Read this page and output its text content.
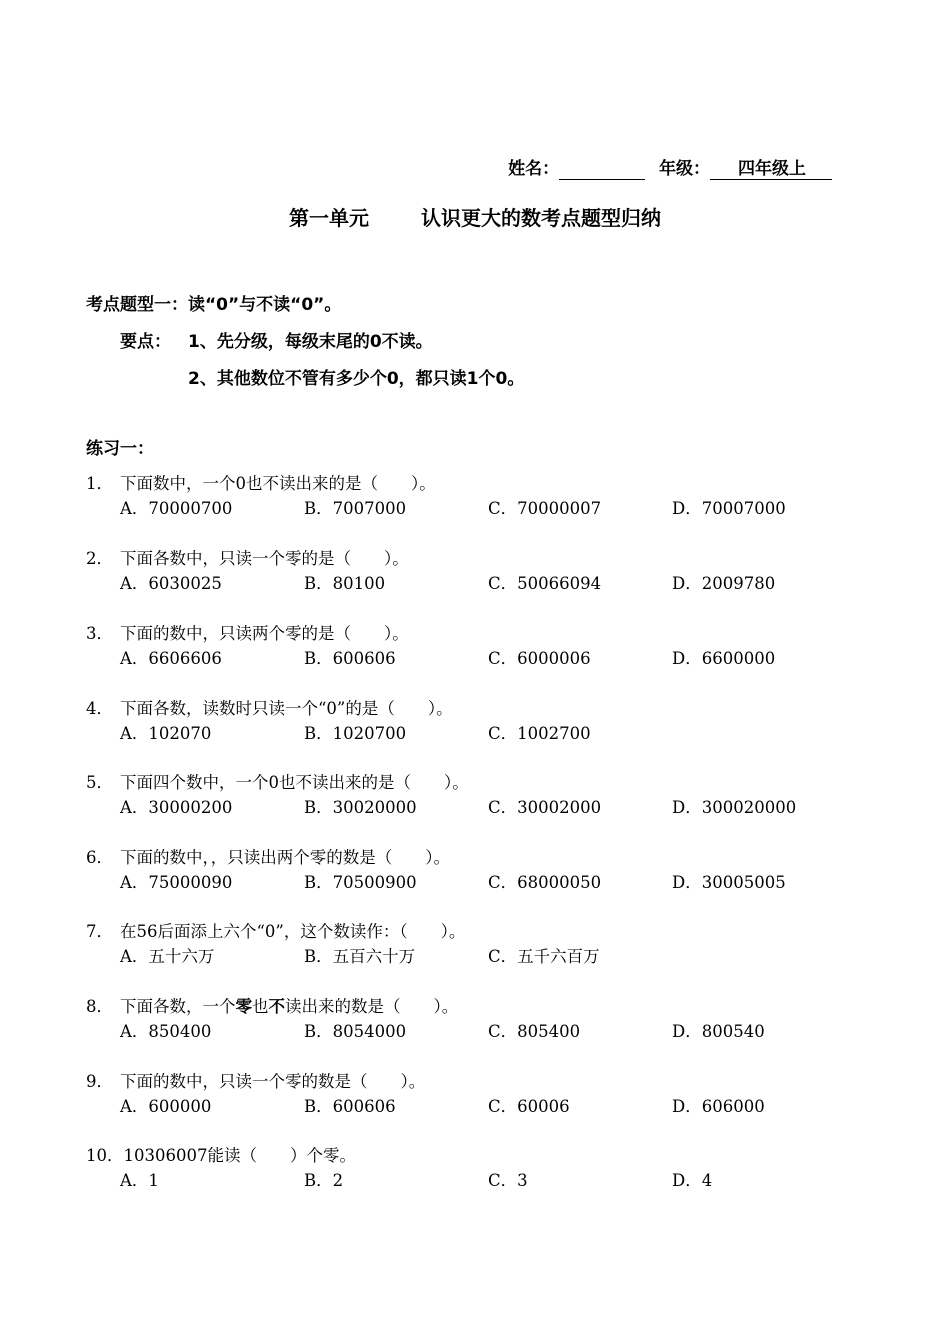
姓名：	年级： 四年级上
第一单元	认识更大的数考点题型归纳
考点题型一：读“0”与不读“0”。
要点： 1、先分级，每级末尾的0不读。
2、其他数位不管有多少个0，都只读1个0。
练习一：
1． 下面数中，一个0也不读出来的是（　　）。
A．70000700	B．7007000	C．70000007	D．70007000
2． 下面各数中，只读一个零的是（　　）。
A．6030025	B．80100	C．50066094	D．2009780
3． 下面的数中，只读两个零的是（　　）。
A．6606606	B．600606	C．6000006	D．6600000
4． 下面各数，读数时只读一个“0”的是（　　）。
A．102070	B．1020700	C．1002700
5． 下面四个数中，一个0也不读出来的是（　　）。
A．30000200	B．30020000	C．30002000	D．300020000
6． 下面的数中，，只读出两个零的数是（　　）。
A．75000090	B．70500900	C．68000050	D．30005005
7． 在56后面添上六个“0”，这个数读作：（　　）。
A．五十六万	B．五百六十万	C．五千六百万
8． 下面各数，一个零也不读出来的数是（　　）。
A．850400	B．8054000	C．805400	D．800540
9． 下面的数中，只读一个零的数是（　　）。
A．600000	B．600606	C．60006	D．606000
10．10306007能读（　　）个零。
A．1	B．2	C．3	D．4
